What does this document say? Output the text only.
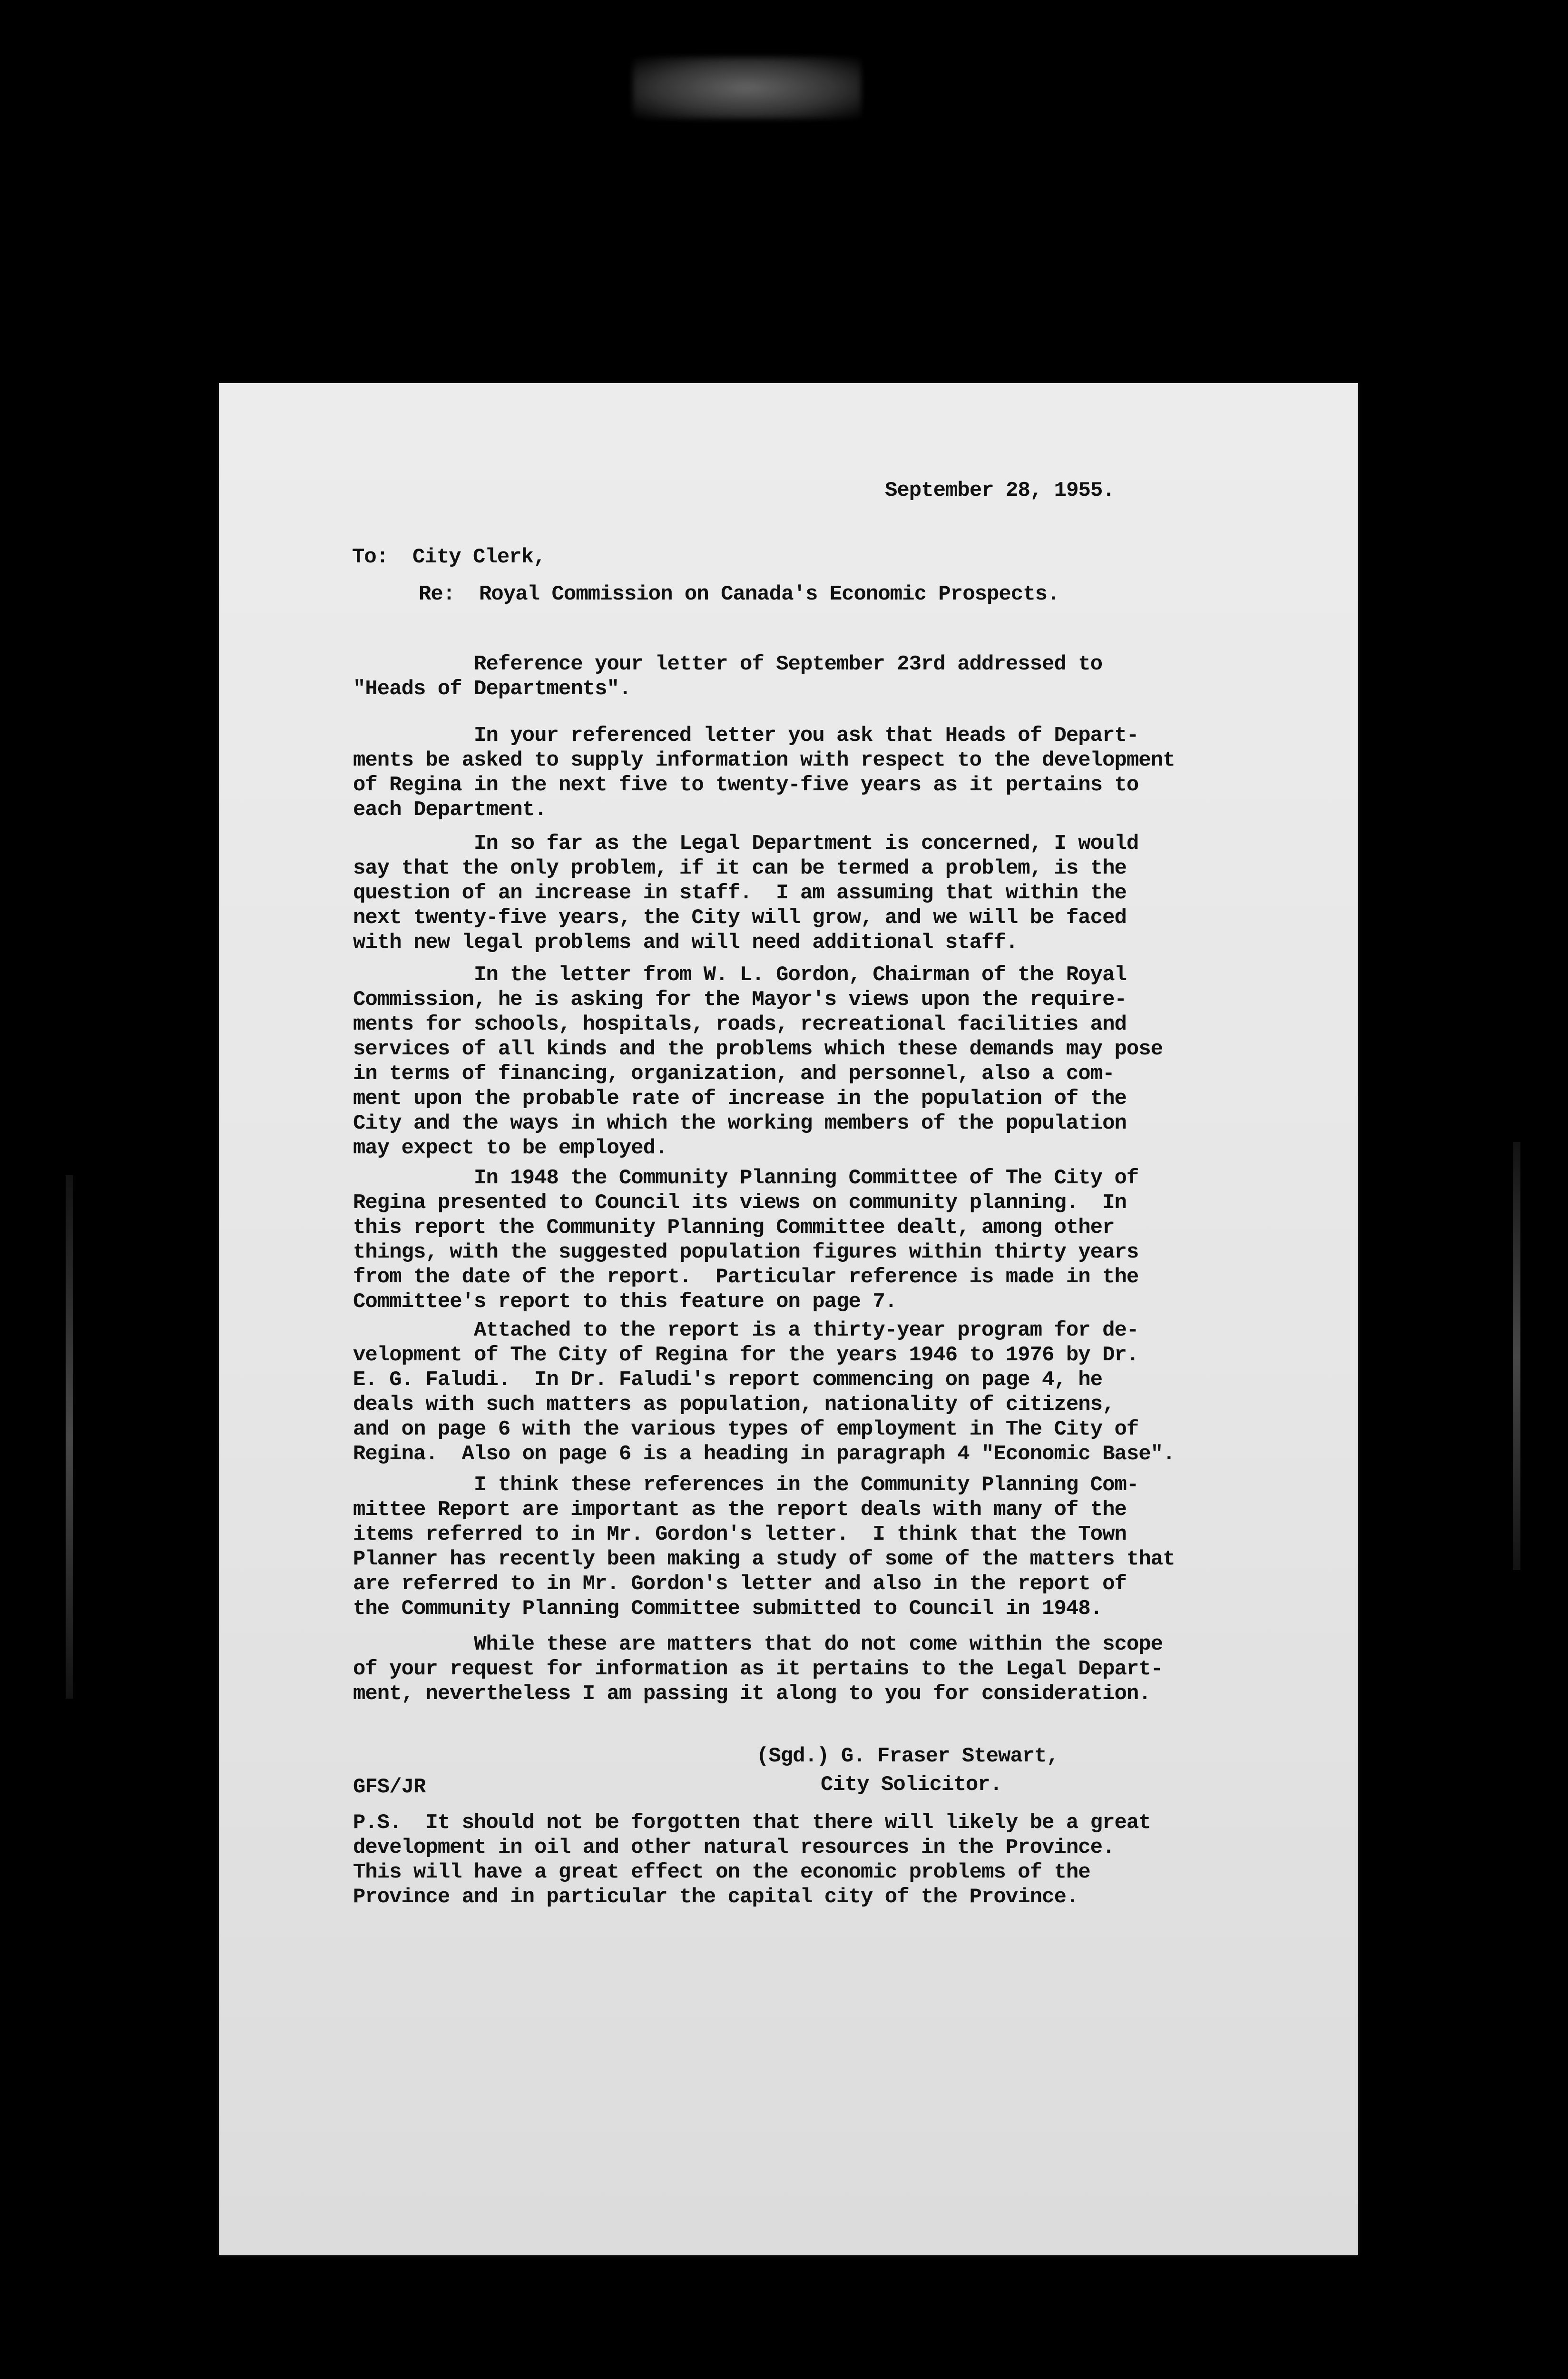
September 28, 1955.
To:  City Clerk,
Re:  Royal Commission on Canada's Economic Prospects.
Reference your letter of September 23rd addressed to
"Heads of Departments".
In your referenced letter you ask that Heads of Depart-
ments be asked to supply information with respect to the development
of Regina in the next five to twenty-five years as it pertains to
each Department.
In so far as the Legal Department is concerned, I would
say that the only problem, if it can be termed a problem, is the
question of an increase in staff.  I am assuming that within the
next twenty-five years, the City will grow, and we will be faced
with new legal problems and will need additional staff.
In the letter from W. L. Gordon, Chairman of the Royal
Commission, he is asking for the Mayor's views upon the require-
ments for schools, hospitals, roads, recreational facilities and
services of all kinds and the problems which these demands may pose
in terms of financing, organization, and personnel, also a com-
ment upon the probable rate of increase in the population of the
City and the ways in which the working members of the population
may expect to be employed.
In 1948 the Community Planning Committee of The City of
Regina presented to Council its views on community planning.  In
this report the Community Planning Committee dealt, among other
things, with the suggested population figures within thirty years
from the date of the report.  Particular reference is made in the
Committee's report to this feature on page 7.
Attached to the report is a thirty-year program for de-
velopment of The City of Regina for the years 1946 to 1976 by Dr.
E. G. Faludi.  In Dr. Faludi's report commencing on page 4, he
deals with such matters as population, nationality of citizens,
and on page 6 with the various types of employment in The City of
Regina.  Also on page 6 is a heading in paragraph 4 "Economic Base".
I think these references in the Community Planning Com-
mittee Report are important as the report deals with many of the
items referred to in Mr. Gordon's letter.  I think that the Town
Planner has recently been making a study of some of the matters that
are referred to in Mr. Gordon's letter and also in the report of
the Community Planning Committee submitted to Council in 1948.
While these are matters that do not come within the scope
of your request for information as it pertains to the Legal Depart-
ment, nevertheless I am passing it along to you for consideration.
(Sgd.) G. Fraser Stewart,
City Solicitor.
GFS/JR
P.S.  It should not be forgotten that there will likely be a great
development in oil and other natural resources in the Province.
This will have a great effect on the economic problems of the
Province and in particular the capital city of the Province.
